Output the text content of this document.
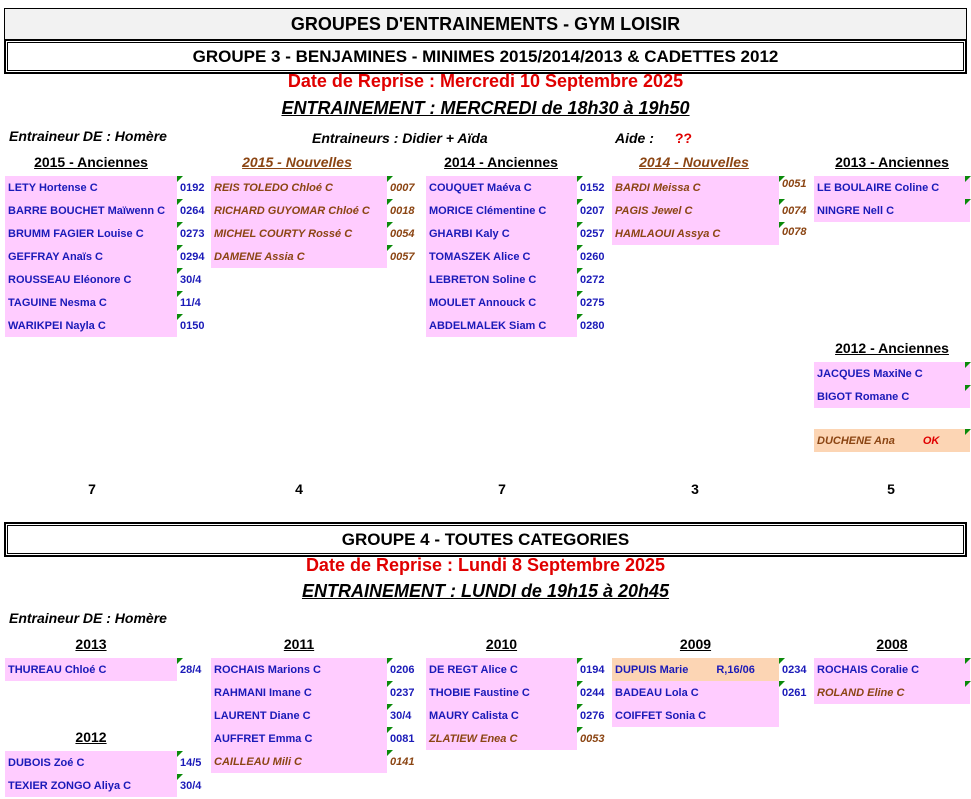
GROUPES D'ENTRAINEMENTS - GYM LOISIR
GROUPE 3 - BENJAMINES - MINIMES 2015/2014/2013 & CADETTES 2012
Date de Reprise : Mercredi 10 Septembre 2025
ENTRAINEMENT : MERCREDI de 18h30 à 19h50
Entraineur DE : Homère	Entraineurs : Didier + Aïda	Aide : ??
2015 - Anciennes	2015 - Nouvelles	2014 - Anciennes	2014 - Nouvelles	2013 - Anciennes
LETY Hortense C	0192
BARRE BOUCHET Maïwenn C 0264
BRUMM FAGIER Louise C	0273
GEFFRAY Anaïs C	0294
ROUSSEAU Eléonore C	30/4
TAGUINE Nesma C	11/4
WARIKPEI Nayla C	0150
REIS TOLEDO Chloé C	0007
RICHARD GUYOMAR Chloé C 0018
MICHEL COURTY Rossé C	0054
DAMENE Assia C	0057
COUQUET Maéva C	0152
MORICE Clémentine C	0207
GHARBI Kaly C	0257
TOMASZEK Alice C	0260
LEBRETON Soline C	0272
MOULET Annouck C	0275
ABDELMALEK Siam C	0280
BARDI Meissa C	0051
PAGIS Jewel C	0074
HAMLAOUI Assya C	0078
LE BOULAIRE Coline C
NINGRE Nell C
2012 - Anciennes
JACQUES MaxiNe C
BIGOT Romane C
DUCHENE Ana	OK
7	4	7	3	5
GROUPE 4 - TOUTES CATEGORIES
Date de Reprise : Lundi 8 Septembre 2025
ENTRAINEMENT : LUNDI de 19h15 à 20h45
Entraineur DE : Homère
2013	2011	2010	2009	2008
THUREAU Chloé C	28/4
2012
DUBOIS Zoé C	14/5
TEXIER ZONGO Aliya C	30/4
ROCHAIS Marions C	0206
RAHMANI Imane C	0237
LAURENT Diane C	30/4
AUFFRET Emma C	0081
CAILLEAU Mili C	0141
DE REGT Alice C	0194
THOBIE Faustine C	0244
MAURY Calista C	0276
ZLATIEW Enea C	0053
DUPUIS Marie	R,16/06 0234
BADEAU Lola C	0261
COIFFET Sonia C
ROCHAIS Coralie C
ROLAND Eline C
